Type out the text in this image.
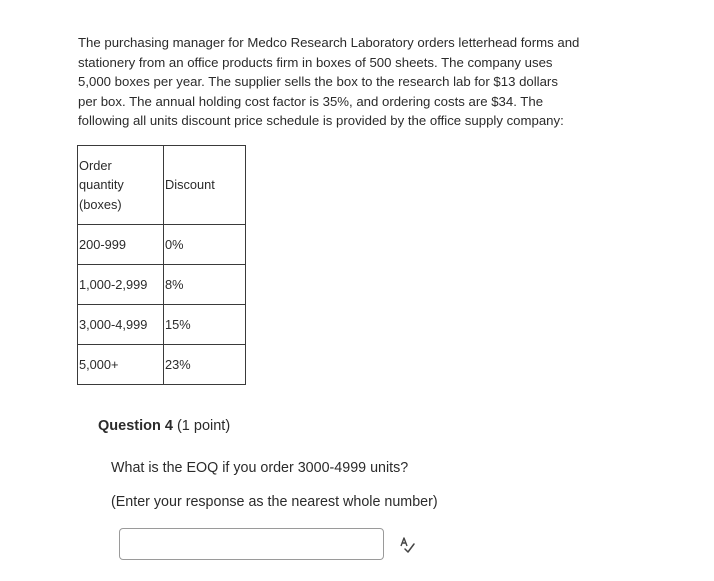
The purchasing manager for Medco Research Laboratory orders letterhead forms and
stationery from an office products firm in boxes of 500 sheets. The company uses
5,000 boxes per year. The supplier sells the box to the research lab for $13 dollars
per box. The annual holding cost factor is 35%, and ordering costs are $34. The
following all units discount price schedule is provided by the office supply company:

Order
quantity
(boxes)	Discount
200-999	0%
1,000-2,999	8%
3,000-4,999	15%
5,000+	23%
Question 4 (1 point)
What is the EOQ if you order 3000-4999 units?
(Enter your response as the nearest whole number)
